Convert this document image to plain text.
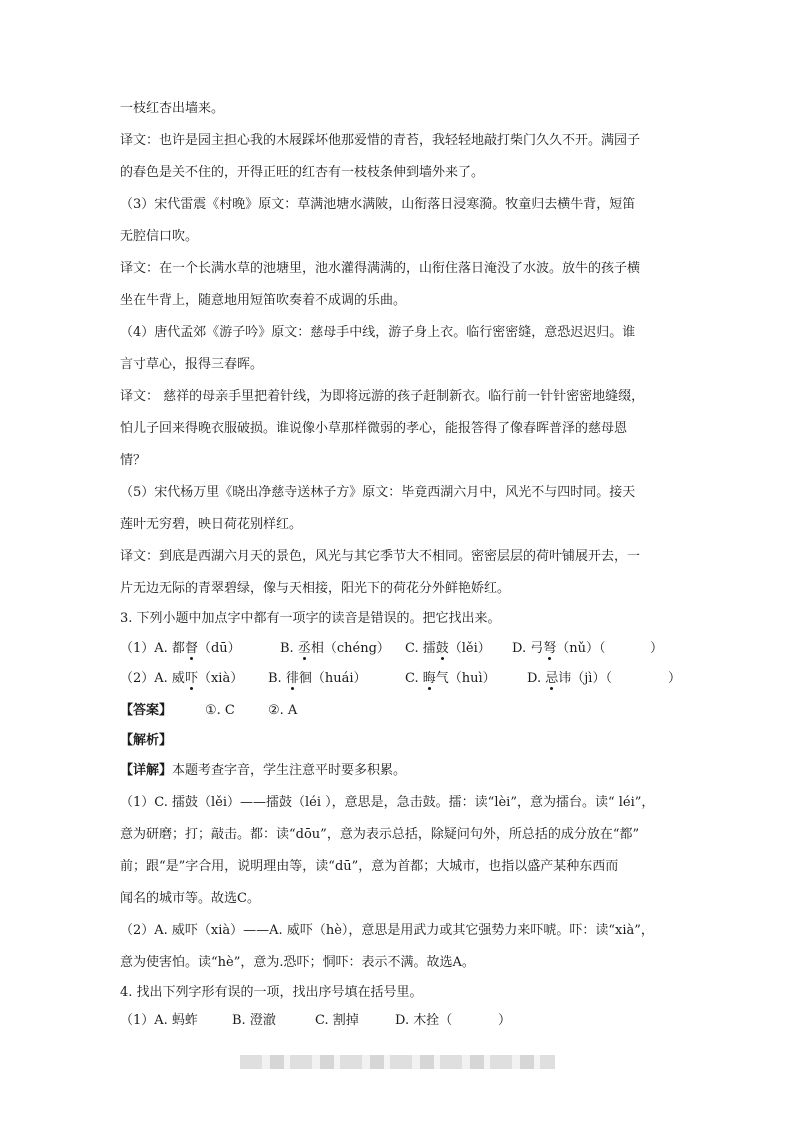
一枝红杏出墙来。
译文：也许是园主担心我的木屐踩坏他那爱惜的青苔，我轻轻地敲打柴门久久不开。满园子
的春色是关不住的，开得正旺的红杏有一枝枝条伸到墙外来了。
（3）宋代雷震《村晚》原文：草满池塘水满陂，山衔落日浸寒漪。牧童归去横牛背，短笛
无腔信口吹。
译文：在一个长满水草的池塘里，池水灌得满满的，山衔住落日淹没了水波。放牛的孩子横
坐在牛背上，随意地用短笛吹奏着不成调的乐曲。
（4）唐代孟郊《游子吟》原文：慈母手中线，游子身上衣。临行密密缝，意恐迟迟归。谁
言寸草心，报得三春晖。
译文： 慈祥的母亲手里把着针线，为即将远游的孩子赶制新衣。临行前一针针密密地缝缀，
怕儿子回来得晚衣服破损。谁说像小草那样微弱的孝心，能报答得了像春晖普泽的慈母恩
情？
（5）宋代杨万里《晓出净慈寺送林子方》原文：毕竟西湖六月中，风光不与四时同。接天
莲叶无穷碧，映日荷花别样红。
译文：到底是西湖六月天的景色，风光与其它季节大不相同。密密层层的荷叶铺展开去，一
片无边无际的青翠碧绿，像与天相接，阳光下的荷花分外鲜艳娇红。
3. 下列小题中加点字中都有一项字的读音是错误的。把它找出来。
（1）A. 都督（dū）	B. 丞相（chéng） C. 擂鼓（lěi） D. 弓弩（nǔ）（	）
（2）A. 威吓（xià） B. 徘徊（huái）	C. 晦气（huì） D. 忌讳（jì）（	）
【答案】	①. C	②. A
【解析】
【详解】本题考查字音，学生注意平时要多积累。
（1）C. 擂鼓（lěi）——擂鼓（léi ），意思是，急击鼓。擂：读“lèi”，意为擂台。读“ léi”，
意为研磨；打；敲击。都：读“dōu”，意为表示总括，除疑问句外，所总括的成分放在“都”
前；跟“是”字合用，说明理由等，读“dū”，意为首都；大城市，也指以盛产某种东西而
闻名的城市等。故选C。
（2）A. 威吓（xià）——A. 威吓（hè），意思是用武力或其它强势力来吓唬。吓：读“xià”，
意为使害怕。读“hè”，意为.恐吓；恫吓：表示不满。故选A。
4. 找出下列字形有误的一项，找出序号填在括号里。
（1）A. 蚂蚱	B. 澄澈	C. 割掉	D. 木拴（	）
